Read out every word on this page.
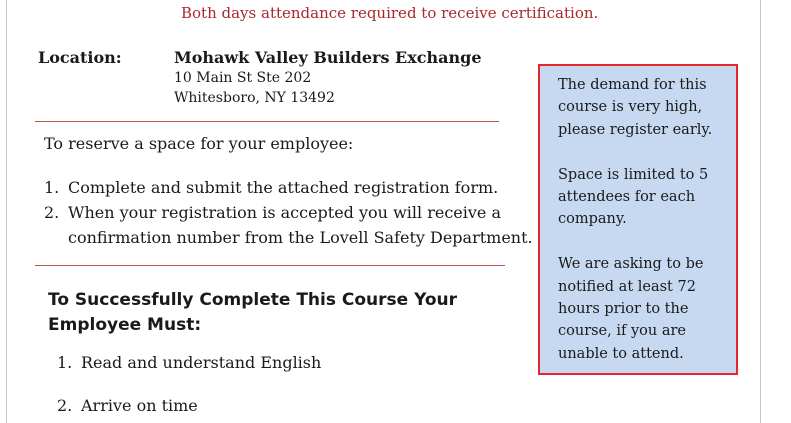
Both days attendance required to receive certification.
Location:	Mohawk Valley Builders Exchange
10 Main St Ste 202
Whitesboro, NY 13492
To reserve a space for your employee:
1. Complete and submit the attached registration form.
2. When your registration is accepted you will receive a
confirmation number from the Lovell Safety Department.
To Successfully Complete This Course Your
Employee Must:
1. Read and understand English
2. Arrive on time

The demand for this course is very high, please register early.

Space is limited to 5 attendees for each company.

We are asking to be notified at least 72 hours prior to the course, if you are unable to attend.
